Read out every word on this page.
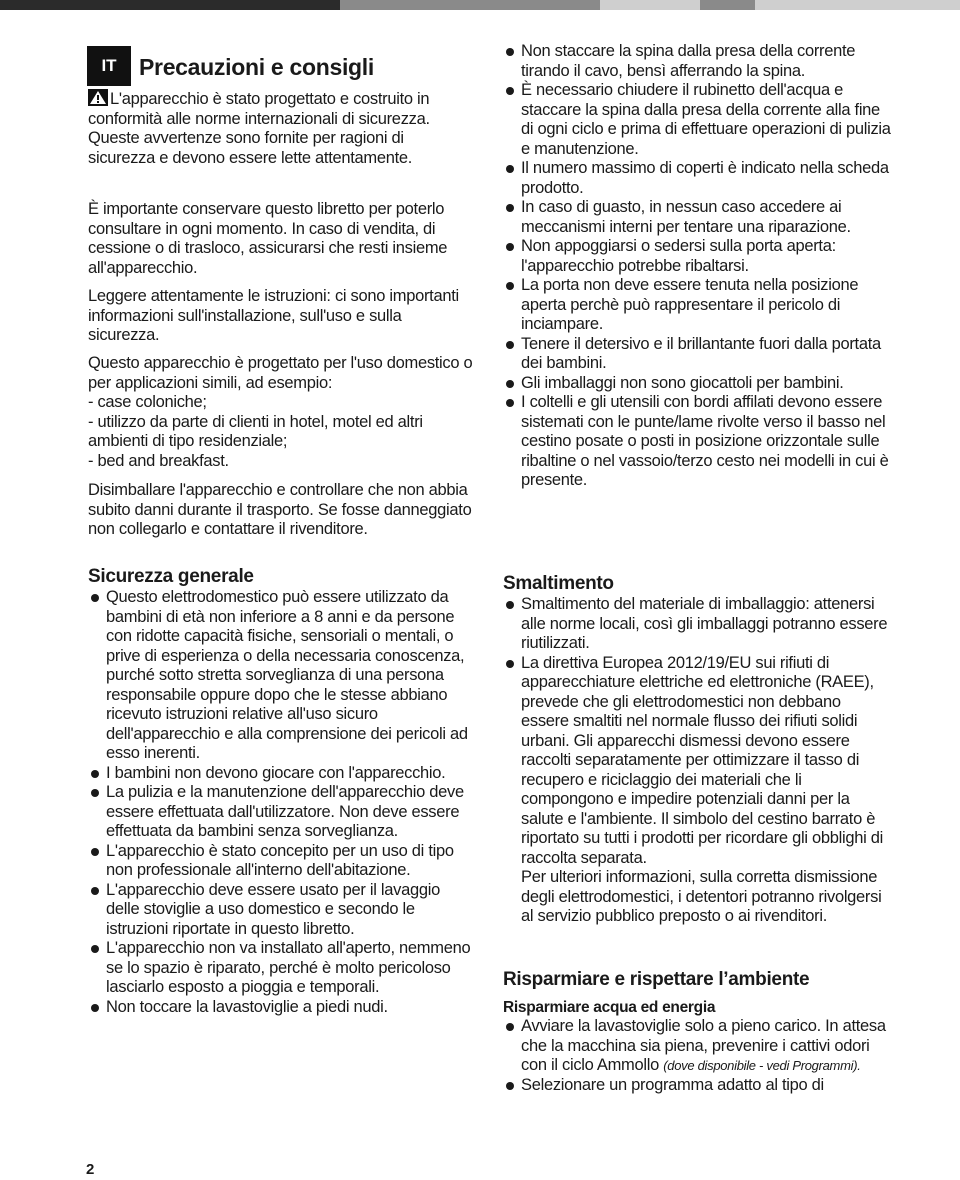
IT Precauzioni e consigli

L'apparecchio è stato progettato e costruito in conformità alle norme internazionali di sicurezza. Queste avvertenze sono fornite per ragioni di sicurezza e devono essere lette attentamente.

È importante conservare questo libretto per poterlo consultare in ogni momento. In caso di vendita, di cessione o di trasloco, assicurarsi che resti insieme all'apparecchio.

Leggere attentamente le istruzioni: ci sono importanti informazioni sull'installazione, sull'uso e sulla sicurezza.

Questo apparecchio è progettato per l'uso domestico o per applicazioni simili, ad esempio:

- case coloniche;

- utilizzo da parte di clienti in hotel, motel ed altri ambienti di tipo residenziale;

- bed and breakfast.

Disimballare l'apparecchio e controllare che non abbia subito danni durante il trasporto. Se fosse danneggiato non collegarlo e contattare il rivenditore.

Sicurezza generale
Questo elettrodomestico può essere utilizzato da bambini di età non inferiore a 8 anni e da persone con ridotte capacità fisiche, sensoriali o mentali, o prive di esperienza o della necessaria conoscenza, purché sotto stretta sorveglianza di una persona responsabile oppure dopo che le stesse abbiano ricevuto istruzioni relative all'uso sicuro dell'apparecchio e alla comprensione dei pericoli ad esso inerenti.
I bambini non devono giocare con l'apparecchio.
La pulizia e la manutenzione dell'apparecchio deve essere effettuata dall'utilizzatore. Non deve essere effettuata da bambini senza sorveglianza.
L'apparecchio è stato concepito per un uso di tipo non professionale all'interno dell'abitazione.
L'apparecchio deve essere usato per il lavaggio delle stoviglie a uso domestico e secondo le istruzioni riportate in questo libretto.
L'apparecchio non va installato all'aperto, nemmeno se lo spazio è riparato, perché è molto pericoloso lasciarlo esposto a pioggia e temporali.
Non toccare la lavastoviglie a piedi nudi.
Non staccare la spina dalla presa della corrente tirando il cavo, bensì afferrando la spina.
È necessario chiudere il rubinetto dell'acqua e staccare la spina dalla presa della corrente alla fine di ogni ciclo e prima di effettuare operazioni di pulizia e manutenzione.
Il numero massimo di coperti è indicato nella scheda prodotto.
In caso di guasto, in nessun caso accedere ai meccanismi interni per tentare una riparazione.
Non appoggiarsi o sedersi sulla porta aperta: l'apparecchio potrebbe ribaltarsi.
La porta non deve essere tenuta nella posizione aperta perchè può rappresentare il pericolo di inciampare.
Tenere il detersivo e il brillantante fuori dalla portata dei bambini.
Gli imballaggi non sono giocattoli per bambini.
I coltelli e gli utensili con bordi affilati devono essere sistemati con le punte/lame rivolte verso il basso nel cestino posate o posti in posizione orizzontale sulle ribaltine o nel vassoio/terzo cesto nei modelli in cui è presente.
Smaltimento
Smaltimento del materiale di imballaggio: attenersi alle norme locali, così gli imballaggi potranno essere riutilizzati.
La direttiva Europea 2012/19/EU sui rifiuti di apparecchiature elettriche ed elettroniche (RAEE), prevede che gli elettrodomestici non debbano essere smaltiti nel normale flusso dei rifiuti solidi urbani. Gli apparecchi dismessi devono essere raccolti separatamente per ottimizzare il tasso di recupero e riciclaggio dei materiali che li compongono e impedire potenziali danni per la salute e l'ambiente. Il simbolo del cestino barrato è riportato su tutti i prodotti per ricordare gli obblighi di raccolta separata.

Per ulteriori informazioni, sulla corretta dismissione degli elettrodomestici, i detentori potranno rivolgersi al servizio pubblico preposto o ai rivenditori.

Risparmiare e rispettare l’ambiente
Risparmiare acqua ed energia
Avviare la lavastoviglie solo a pieno carico. In attesa che la macchina sia piena, prevenire i cattivi odori con il ciclo Ammollo (dove disponibile - vedi Programmi).
Selezionare un programma adatto al tipo di
2
